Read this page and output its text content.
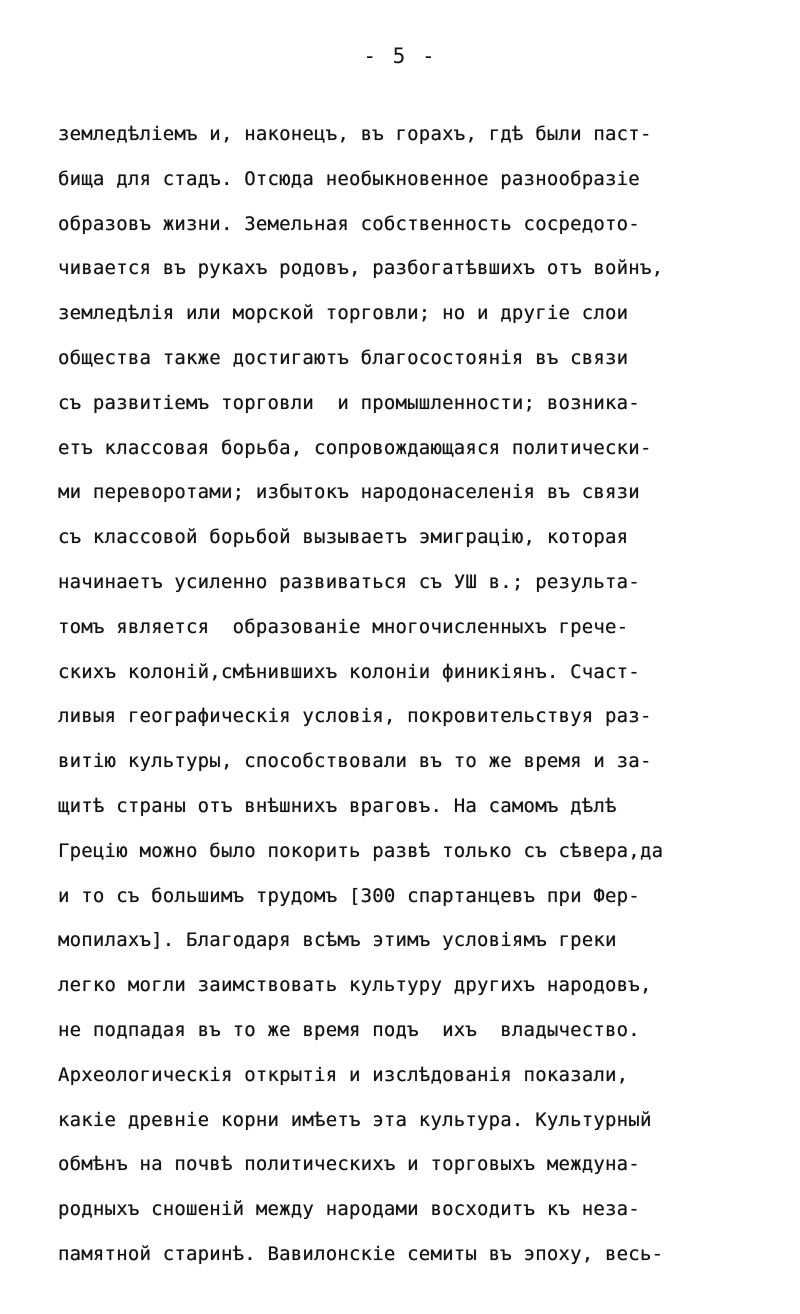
- 5 -
земледѣліемъ и, наконецъ, въ горахъ, гдѣ были паст-
бища для стадъ. Отсюда необыкновенное разнообразіе
образовъ жизни. Земельная собственность сосредото-
чивается въ рукахъ родовъ, разбогатѣвшихъ отъ войнъ,
земледѣлія или морской торговли; но и другіе слои
общества также достигаютъ благосостоянія въ связи
съ развитіемъ торговли  и промышленности; возника-
етъ классовая борьба, сопровождающаяся политически-
ми переворотами; избытокъ народонаселенія въ связи
съ классовой борьбой вызываетъ эмиграцію, которая
начинаетъ усиленно развиваться съ УШ в.; результа-
томъ является  образованіе многочисленныхъ грече-
скихъ колоній,смѣнившихъ колоніи финикіянъ. Счаст-
ливыя географическія условія, покровительствуя раз-
витію культуры, способствовали въ то же время и за-
щитѣ страны отъ внѣшнихъ враговъ. На самомъ дѣлѣ
Грецію можно было покорить развѣ только съ сѣвера,да
и то съ большимъ трудомъ [300 спартанцевъ при Фер-
мопилахъ]. Благодаря всѣмъ этимъ условіямъ греки
легко могли заимствовать культуру другихъ народовъ,
не подпадая въ то же время подъ  ихъ  владычество.
Археологическія открытія и изслѣдованія показали,
какіе древніе корни имѣетъ эта культура. Культурный
обмѣнъ на почвѣ политическихъ и торговыхъ междуна-
родныхъ сношеній между народами восходитъ къ неза-
памятной старинѣ. Вавилонскіе семиты въ эпоху, весь-
